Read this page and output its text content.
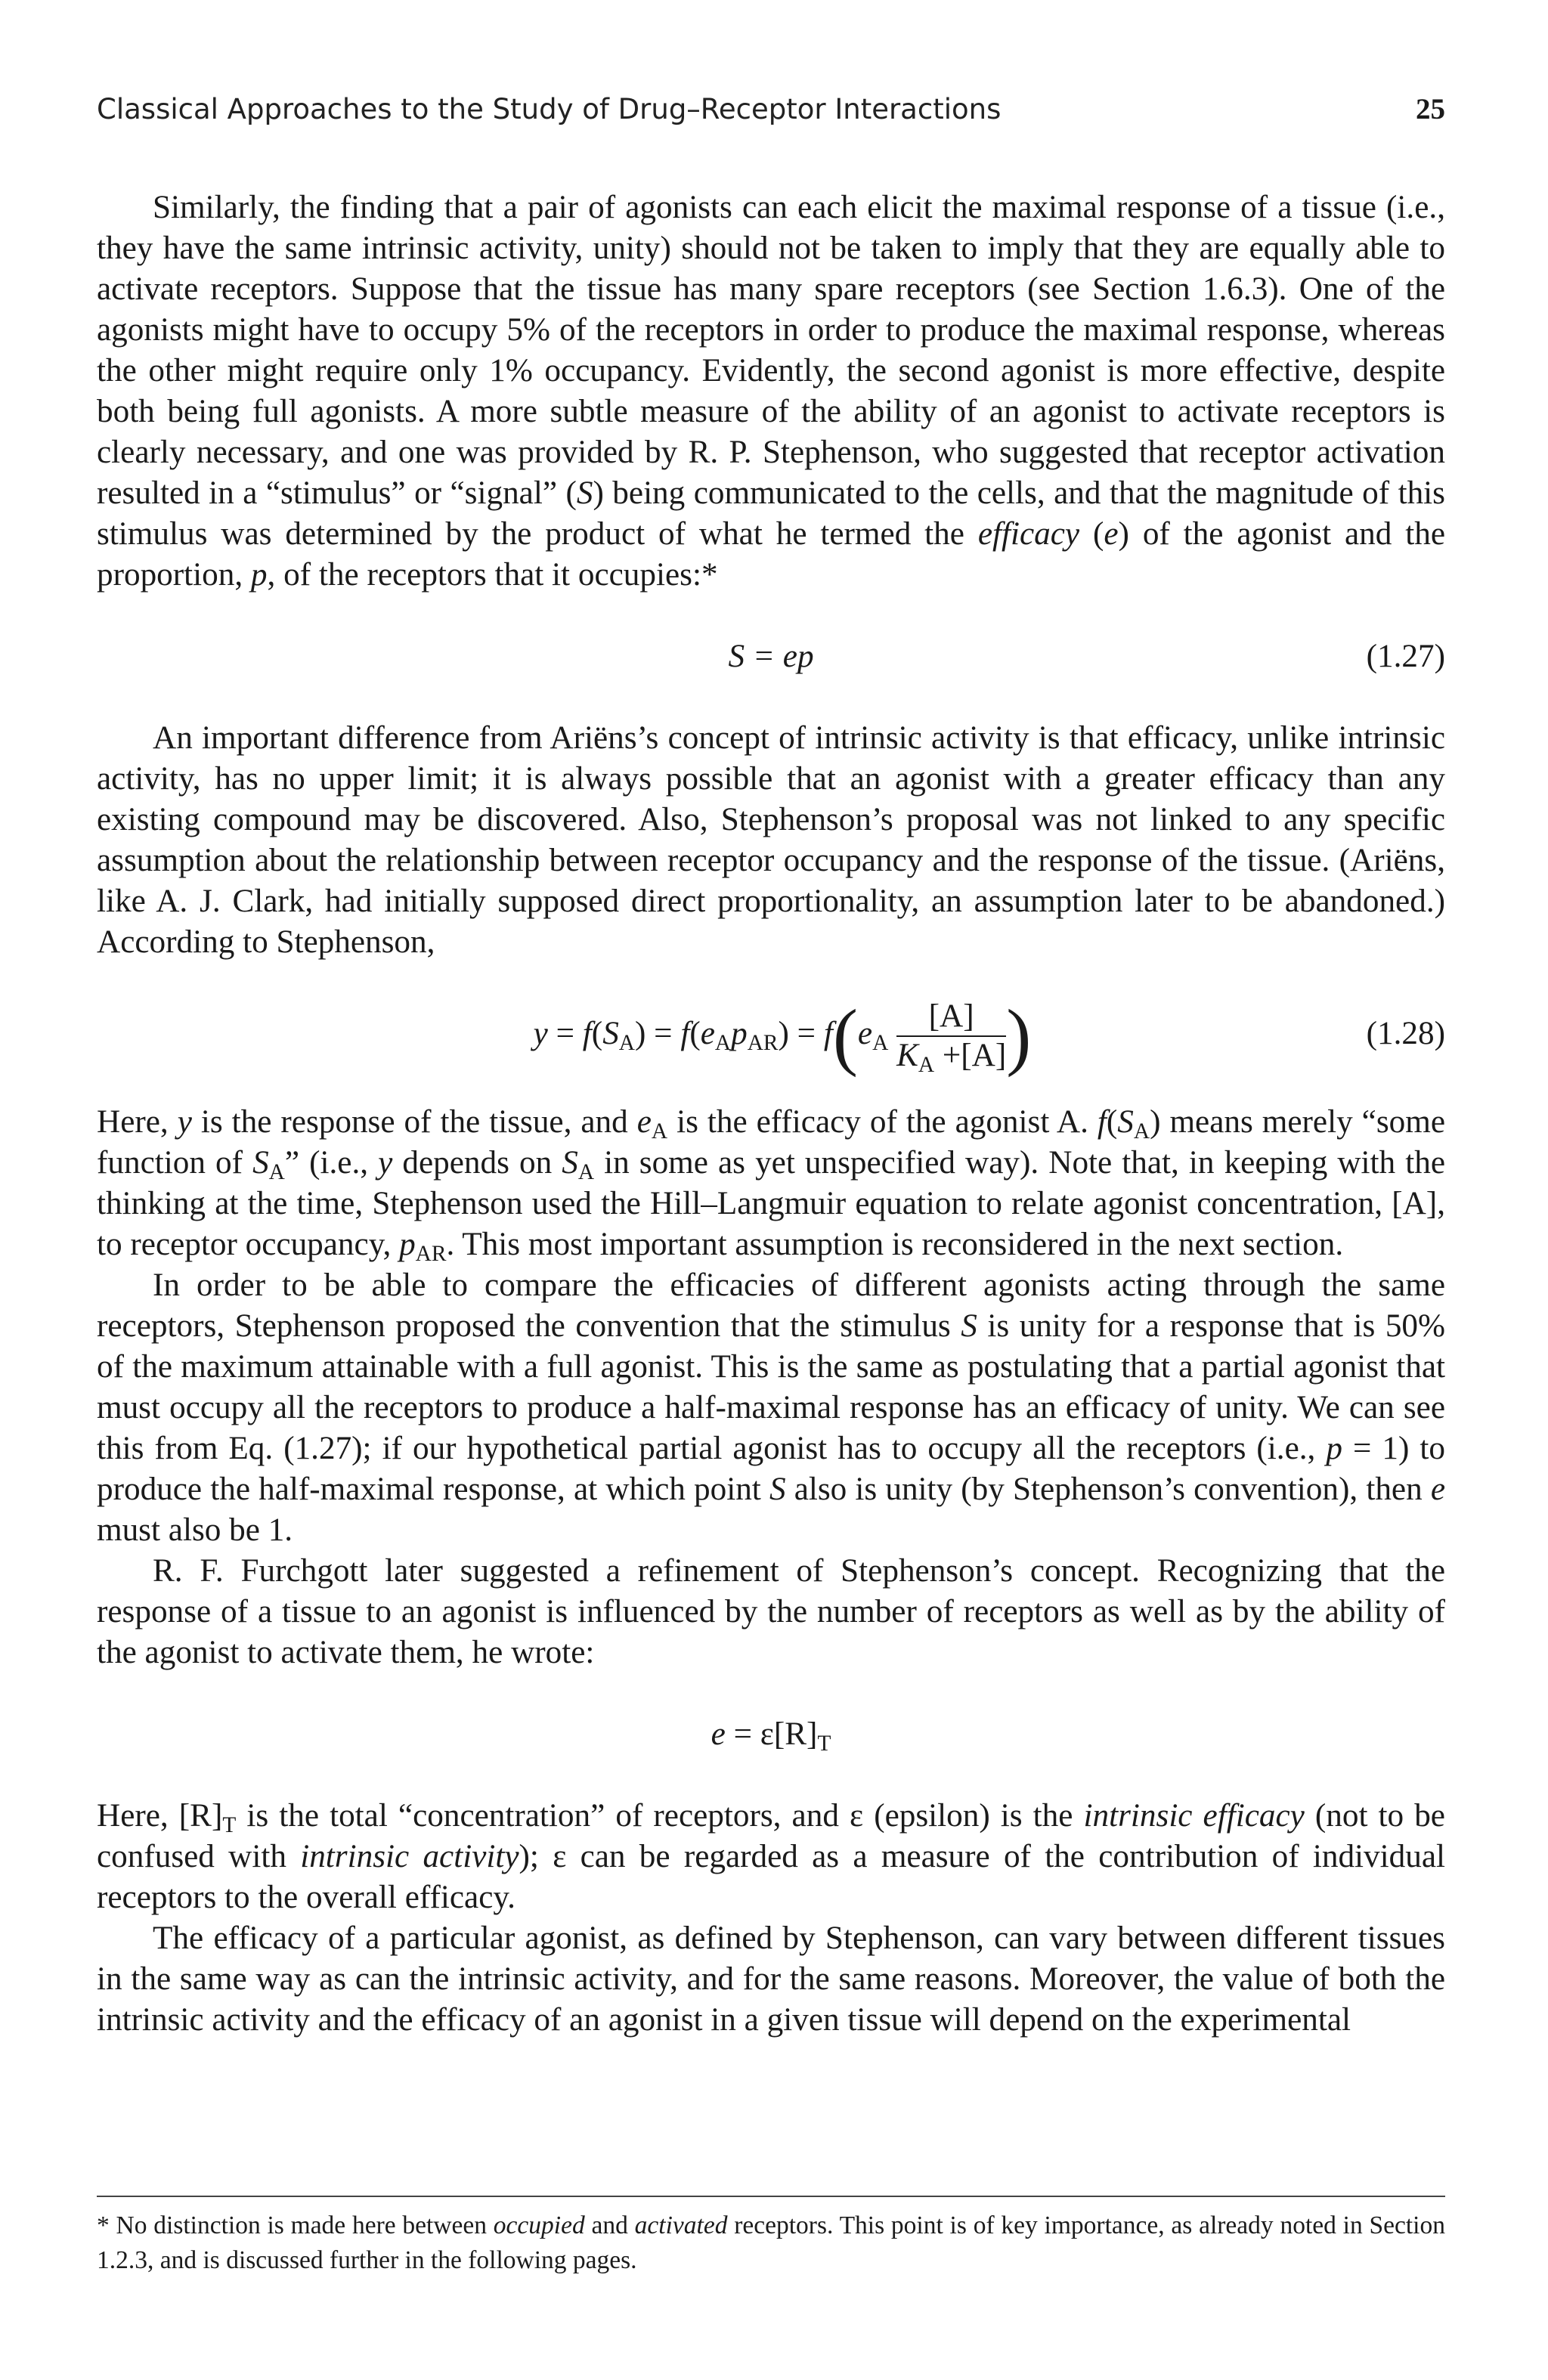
Classical Approaches to the Study of Drug–Receptor Interactions	25

Similarly, the finding that a pair of agonists can each elicit the maximal response of a tissue (i.e., they have the same intrinsic activity, unity) should not be taken to imply that they are equally able to activate receptors. Suppose that the tissue has many spare receptors (see Section 1.6.3). One of the agonists might have to occupy 5% of the receptors in order to produce the maximal response, whereas the other might require only 1% occupancy. Evidently, the second agonist is more effective, despite both being full agonists. A more subtle measure of the ability of an agonist to activate receptors is clearly necessary, and one was provided by R. P. Stephenson, who suggested that receptor activation resulted in a “stimulus” or “signal” (S) being communicated to the cells, and that the magnitude of this stimulus was determined by the product of what he termed the efficacy (e) of the agonist and the proportion, p, of the receptors that it occupies:*

S = ep	(1.27)

An important difference from Ariëns’s concept of intrinsic activity is that efficacy, unlike intrinsic activity, has no upper limit; it is always possible that an agonist with a greater efficacy than any existing compound may be discovered. Also, Stephenson’s proposal was not linked to any specific assumption about the relationship between receptor occupancy and the response of the tissue. (Ariëns, like A. J. Clark, had initially supposed direct proportionality, an assumption later to be abandoned.) According to Stephenson,

$y = f(S_A) = f(e_Ap_{AR}) = f(e_A \frac{[A]}{K_A +[A]}$ )	(1.28)

Here, y is the response of the tissue, and $e_A$ is the efficacy of the agonist A. $f(S_A)$ means merely “some function of $S_A$” (i.e., y depends on $S_A$ in some as yet unspecified way). Note that, in keeping with the thinking at the time, Stephenson used the Hill–Langmuir equation to relate agonist concentration, [A], to receptor occupancy, $p_{AR}$. This most important assumption is reconsidered in the next section.

In order to be able to compare the efficacies of different agonists acting through the same receptors, Stephenson proposed the convention that the stimulus S is unity for a response that is 50% of the maximum attainable with a full agonist. This is the same as postulating that a partial agonist that must occupy all the receptors to produce a half-maximal response has an efficacy of unity. We can see this from Eq. (1.27); if our hypothetical partial agonist has to occupy all the receptors (i.e., p = 1) to produce the half-maximal response, at which point S also is unity (by Stephenson’s convention), then e must also be 1.

R. F. Furchgott later suggested a refinement of Stephenson’s concept. Recognizing that the response of a tissue to an agonist is influenced by the number of receptors as well as by the ability of the agonist to activate them, he wrote:

$e = \varepsilon[R]_T$

Here, $[R]_T$ is the total “concentration” of receptors, and ε (epsilon) is the intrinsic efficacy (not to be confused with intrinsic activity); ε can be regarded as a measure of the contribution of individual receptors to the overall efficacy.

The efficacy of a particular agonist, as defined by Stephenson, can vary between different tissues in the same way as can the intrinsic activity, and for the same reasons. Moreover, the value of both the intrinsic activity and the efficacy of an agonist in a given tissue will depend on the experimental

* No distinction is made here between occupied and activated receptors. This point is of key importance, as already noted in Section 1.2.3, and is discussed further in the following pages.
